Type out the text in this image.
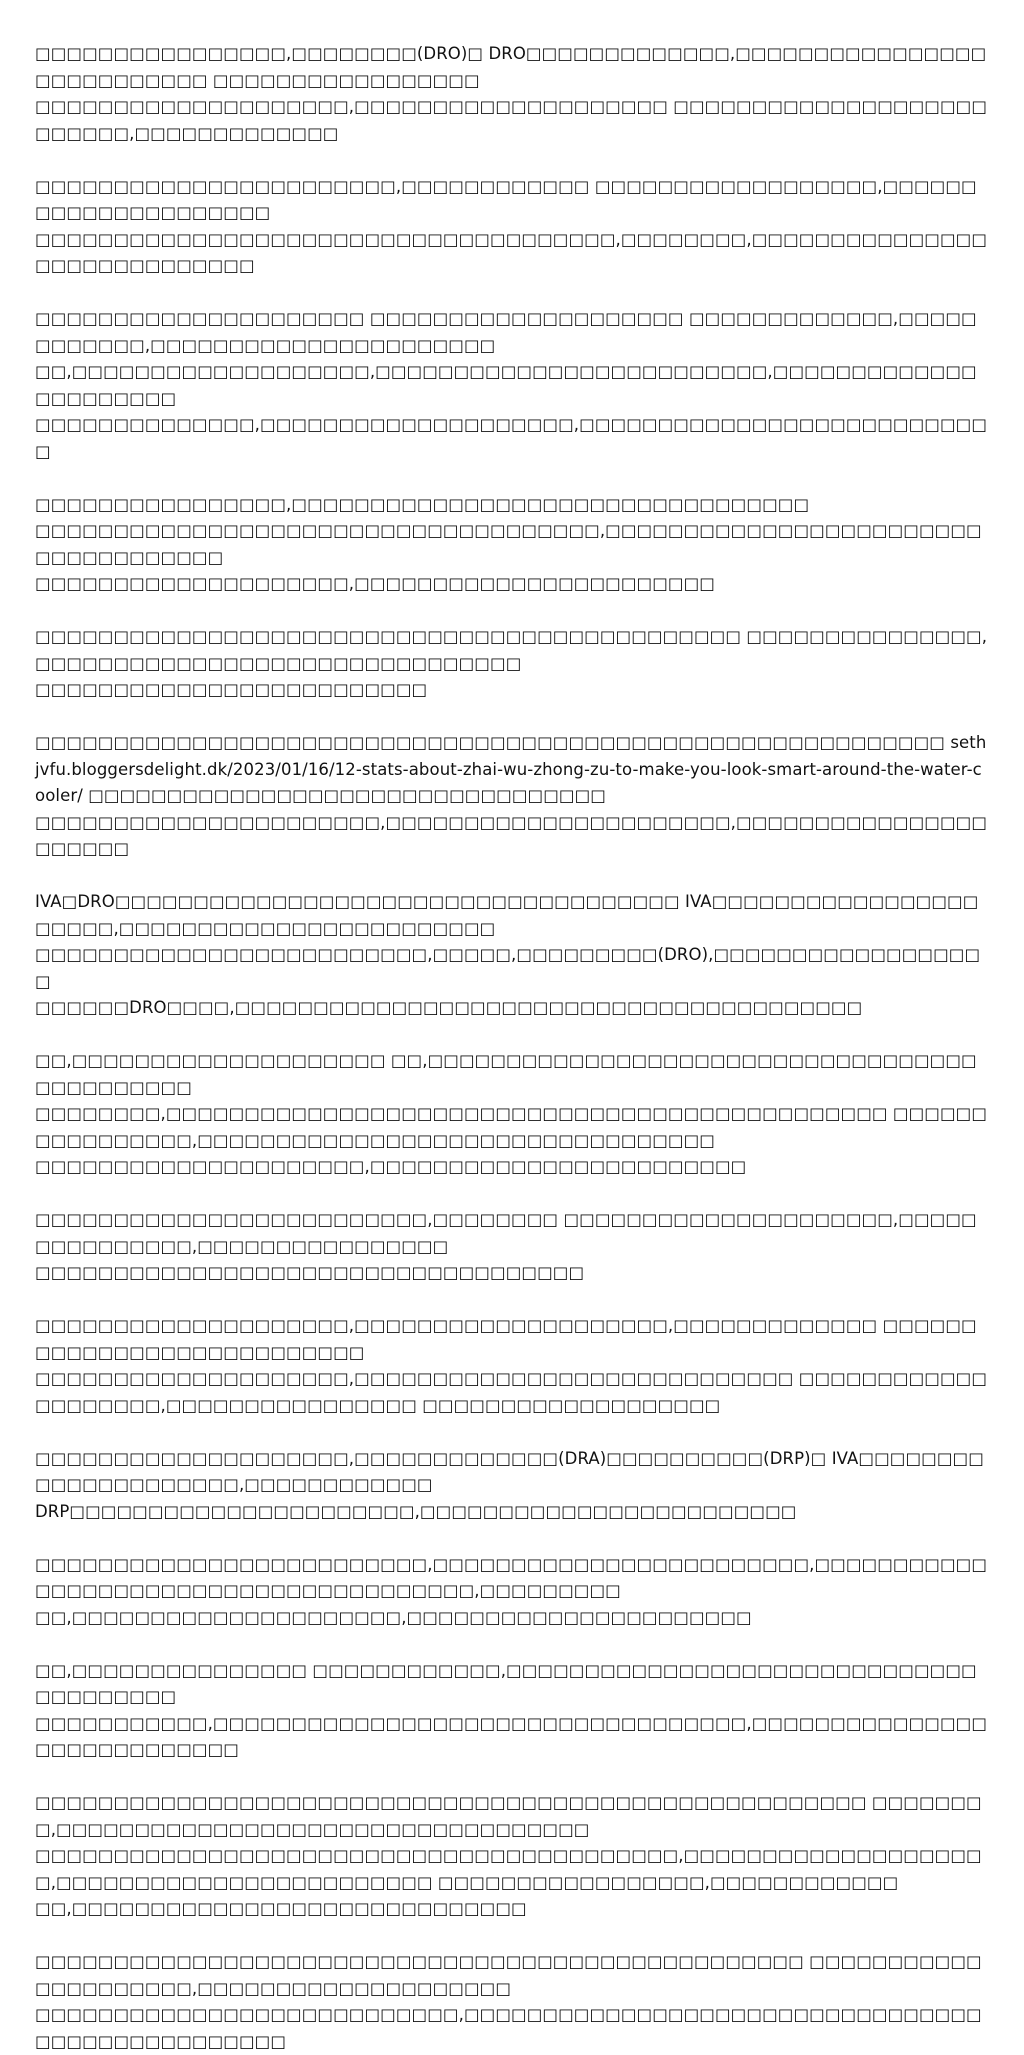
□□□□□□□□□□□□□□□□,□□□□□□□□(DRO)□ DRO□□□□□□□□□□□□□,□□□□□□□□□□□□□□□□□□□□□□□□□□□ □□□□□□□□□□□□□□□□□
□□□□□□□□□□□□□□□□□□□□,□□□□□□□□□□□□□□□□□□□□ □□□□□□□□□□□□□□□□□□□□□□□□□□,□□□□□□□□□□□□□

□□□□□□□□□□□□□□□□□□□□□□□,□□□□□□□□□□□□ □□□□□□□□□□□□□□□□□□,□□□□□□□□□□□□□□□□□□□□□
□□□□□□□□□□□□□□□□□□□□□□□□□□□□□□□□□□□□□,□□□□□□□□,□□□□□□□□□□□□□□□□□□□□□□□□□□□□□

□□□□□□□□□□□□□□□□□□□□□ □□□□□□□□□□□□□□□□□□□□ □□□□□□□□□□□□□,□□□□□□□□□□□□,□□□□□□□□□□□□□□□□□□□□□□
□□,□□□□□□□□□□□□□□□□□□□,□□□□□□□□□□□□□□□□□□□□□□□□□,□□□□□□□□□□□□□□□□□□□□□□
□□□□□□□□□□□□□□,□□□□□□□□□□□□□□□□□□□□,□□□□□□□□□□□□□□□□□□□□□□□□□□□

□□□□□□□□□□□□□□□□,□□□□□□□□□□□□□□□□□□□□□□□□□□□□□□□□□
□□□□□□□□□□□□□□□□□□□□□□□□□□□□□□□□□□□□,□□□□□□□□□□□□□□□□□□□□□□□□□□□□□□□□□□□□
□□□□□□□□□□□□□□□□□□□□,□□□□□□□□□□□□□□□□□□□□□□□

□□□□□□□□□□□□□□□□□□□□□□□□□□□□□□□□□□□□□□□□□□□□□ □□□□□□□□□□□□□□□,□□□□□□□□□□□□□□□□□□□□□□□□□□□□□□□
□□□□□□□□□□□□□□□□□□□□□□□□□

□□□□□□□□□□□□□□□□□□□□□□□□□□□□□□□□□□□□□□□□□□□□□□□□□□□□□□□□□□ sethjvfu.bloggersdelight.dk/2023/01/16/12-stats-about-zhai-wu-zhong-zu-to-make-you-look-smart-around-the-water-cooler/ □□□□□□□□□□□□□□□□□□□□□□□□□□□□□□□□□
□□□□□□□□□□□□□□□□□□□□□□,□□□□□□□□□□□□□□□□□□□□□□,□□□□□□□□□□□□□□□□□□□□□□

IVA□DRO□□□□□□□□□□□□□□□□□□□□□□□□□□□□□□□□□□□□ IVA□□□□□□□□□□□□□□□□□□□□□□,□□□□□□□□□□□□□□□□□□□□□□□□
□□□□□□□□□□□□□□□□□□□□□□□□□,□□□□□,□□□□□□□□□(DRO),□□□□□□□□□□□□□□□□□□
□□□□□□DRO□□□□,□□□□□□□□□□□□□□□□□□□□□□□□□□□□□□□□□□□□□□□□

□□,□□□□□□□□□□□□□□□□□□□□ □□,□□□□□□□□□□□□□□□□□□□□□□□□□□□□□□□□□□□□□□□□□□□□□
□□□□□□□□,□□□□□□□□□□□□□□□□□□□□□□□□□□□□□□□□□□□□□□□□□□□□□□ □□□□□□□□□□□□□□□□,□□□□□□□□□□□□□□□□□□□□□□□□□□□□□□□□□
□□□□□□□□□□□□□□□□□□□□□,□□□□□□□□□□□□□□□□□□□□□□□□

□□□□□□□□□□□□□□□□□□□□□□□□□,□□□□□□□□ □□□□□□□□□□□□□□□□□□□□□,□□□□□□□□□□□□□□□,□□□□□□□□□□□□□□□□
□□□□□□□□□□□□□□□□□□□□□□□□□□□□□□□□□□□

□□□□□□□□□□□□□□□□□□□□,□□□□□□□□□□□□□□□□□□□□,□□□□□□□□□□□□□ □□□□□□□□□□□□□□□□□□□□□□□□□□□
□□□□□□□□□□□□□□□□□□□□,□□□□□□□□□□□□□□□□□□□□□□□□□□□□ □□□□□□□□□□□□□□□□□□□□,□□□□□□□□□□□□□□□□ □□□□□□□□□□□□□□□□□□□

□□□□□□□□□□□□□□□□□□□□,□□□□□□□□□□□□□(DRA)□□□□□□□□□□(DRP)□ IVA□□□□□□□□□□□□□□□□□□□□□,□□□□□□□□□□□□
DRP□□□□□□□□□□□□□□□□□□□□□□,□□□□□□□□□□□□□□□□□□□□□□□□

□□□□□□□□□□□□□□□□□□□□□□□□□,□□□□□□□□□□□□□□□□□□□□□□□□,□□□□□□□□□□□ □□□□□□□□□□□□□□□□□□□□□□□□□□□□,□□□□□□□□□
□□,□□□□□□□□□□□□□□□□□□□□□,□□□□□□□□□□□□□□□□□□□□□□

□□,□□□□□□□□□□□□□□□ □□□□□□□□□□□□,□□□□□□□□□□□□□□□□□□□□□□□□□□□□□□□□□□□□□□□
□□□□□□□□□□□,□□□□□□□□□□□□□□□□□□□□□□□□□□□□□□□□□□,□□□□□□□□□□□□□□□□□□□□□□□□□□□□

□□□□□□□□□□□□□□□□□□□□□□□□□□□□□□□□□□□□□□□□□□□□□□□□□□□□□ □□□□□□□□,□□□□□□□□□□□□□□□□□□□□□□□□□□□□□□□□□□
□□□□□□□□□□□□□□□□□□□□□□□□□□□□□□□□□□□□□□□□□,□□□□□□□□□□□□□□□□□□□□,□□□□□□□□□□□□□□□□□□□□□□□□ □□□□□□□□□□□□□□□□□,□□□□□□□□□□□□
□□,□□□□□□□□□□□□□□□□□□□□□□□□□□□□□

□□□□□□□□□□□□□□□□□□□□□□□□□□□□□□□□□□□□□□□□□□□□□□□□□ □□□□□□□□□□□□□□□□□□□□□,□□□□□□□□□□□□□□□□□□□□
□□□□□□□□□□□□□□□□□□□□□□□□□□□,□□□□□□□□□□□□□□□□□□□□□□□□□□□□□□□□□□□□□□□□□□□□□□□□□
